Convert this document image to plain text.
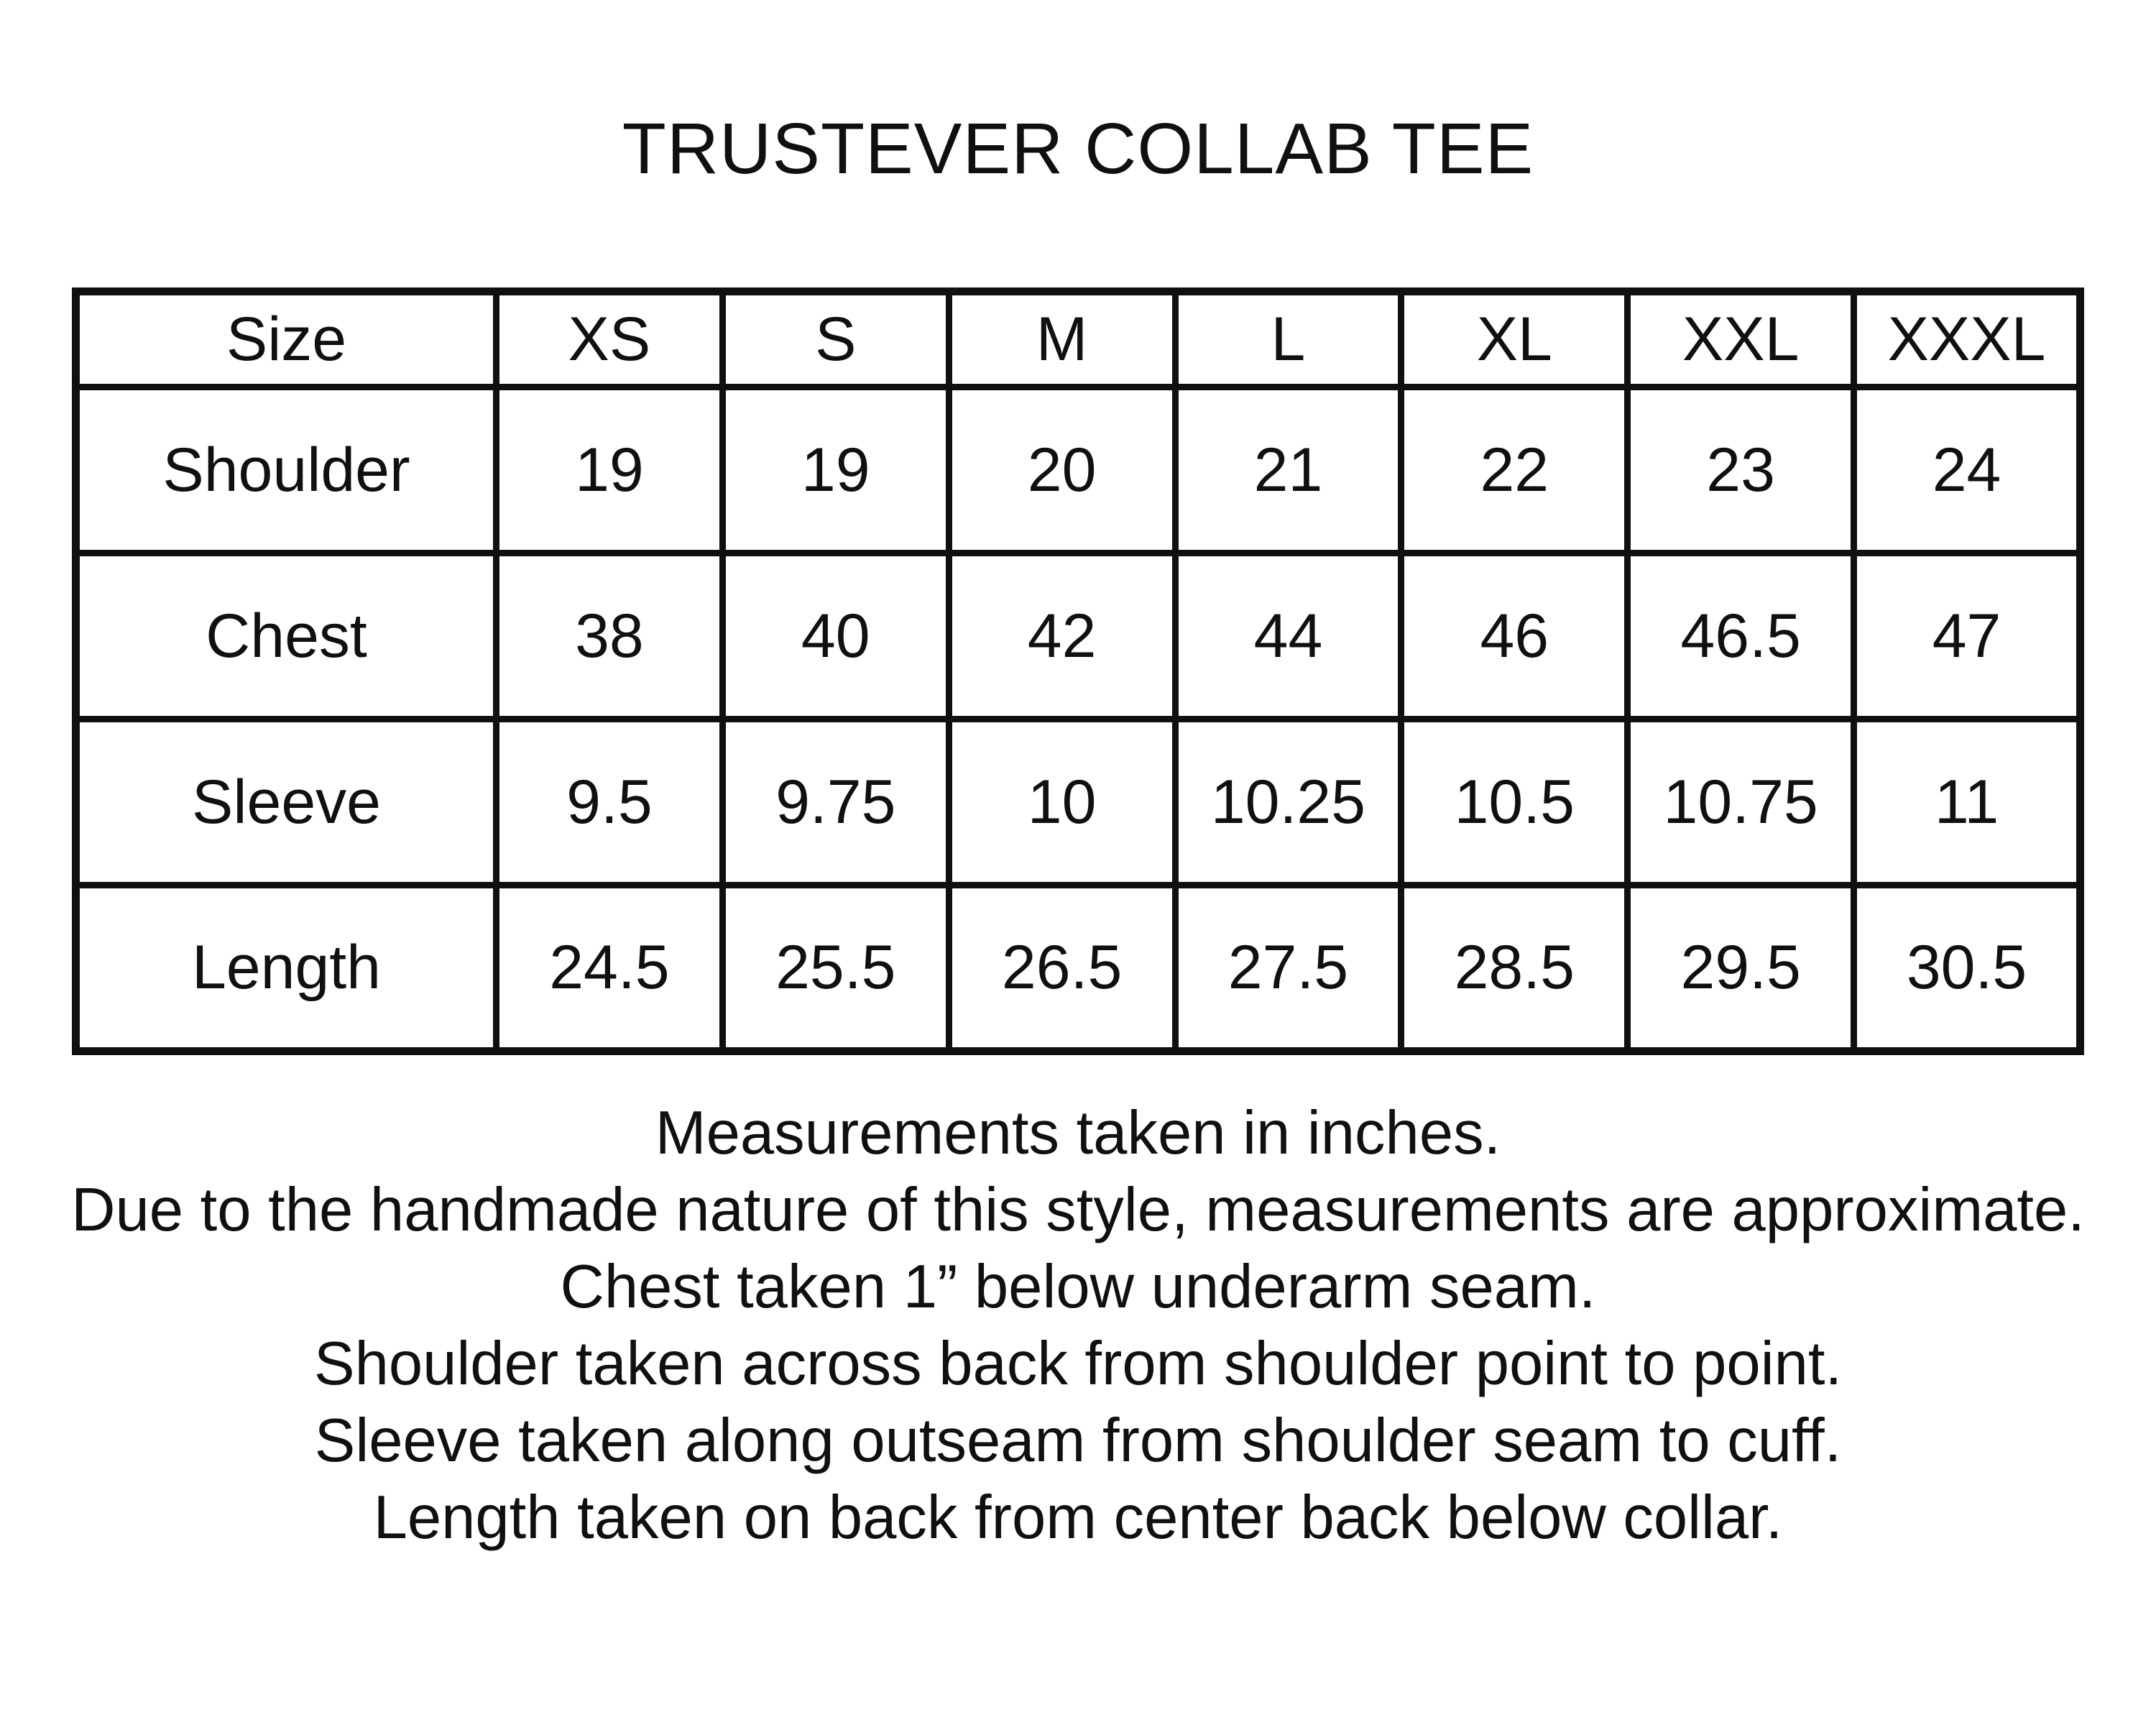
TRUSTEVER COLLAB TEE
Size	XS	S	M	L	XL	XXL	XXXL
Shoulder	19	19	20	21	22	23	24
Chest	38	40	42	44	46	46.5	47
Sleeve	9.5	9.75	10	10.25	10.5	10.75	11
Length	24.5	25.5	26.5	27.5	28.5	29.5	30.5
Measurements taken in inches.
Due to the handmade nature of this style, measurements are approximate.
Chest taken 1” below underarm seam.
Shoulder taken across back from shoulder point to point.
Sleeve taken along outseam from shoulder seam to cuff.
Length taken on back from center back below collar.
